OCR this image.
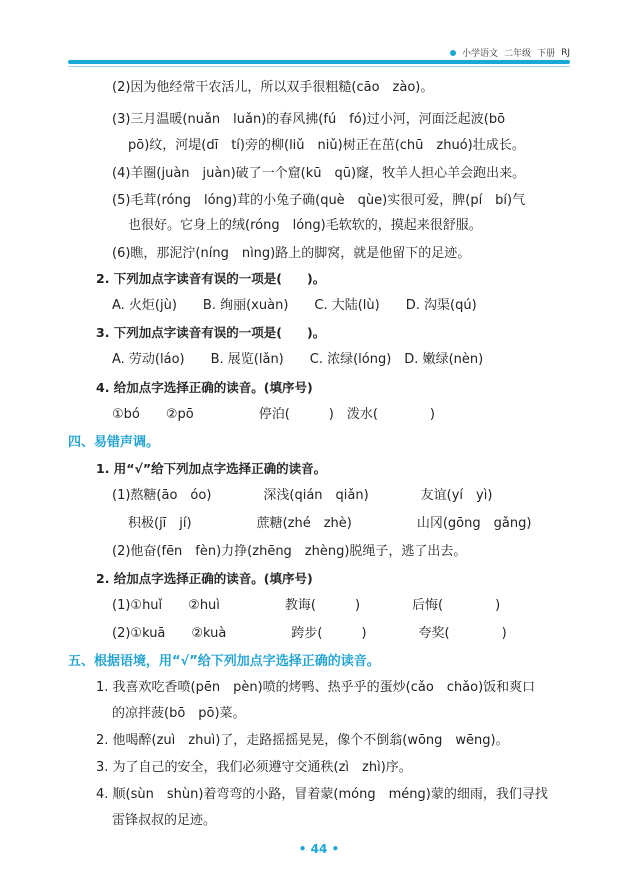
小学语文 二年级 下册 RJ
(2)因为他经常干农活儿，所以双手很粗糙(cāo　zào)。
(3)三月温暖(nuǎn　luǎn)的春风拂(fú　fó)过小河，河面泛起波(bō
pō)纹，河堤(dī　tí)旁的柳(liǔ　niǔ)树正在茁(chū　zhuó)壮成长。
(4)羊圈(juàn　juàn)破了一个窟(kū　qū)窿，牧羊人担心羊会跑出来。
(5)毛茸(róng　lóng)茸的小兔子确(què　qùe)实很可爱，脾(pí　bí)气
也很好。它身上的绒(róng　lóng)毛软软的，摸起来很舒服。
(6)瞧，那泥泞(níng　nìng)路上的脚窝，就是他留下的足迹。
2. 下列加点字读音有误的一项是(　　)。
A. 火炬(jù)　　B. 绚丽(xuàn)　　C. 大陆(lù)　　D. 沟渠(qú)
3. 下列加点字读音有误的一项是(　　)。
A. 劳动(láo)　　B. 展览(lǎn)　　C. 浓绿(lóng)　D. 嫩绿(nèn)
4. 给加点字选择正确的读音。(填序号)
①bó　　②pō　　　　　停泊(　　　)　泼水(　　　　)
四、易错声调。
1. 用“√”给下列加点字选择正确的读音。
(1)熬糖(āo　óo)　　　　深浅(qián　qiǎn)　　　　友谊(yí　yì)
积极(jī　jí)　　　　　蔗糖(zhé　zhè)　　　　　山冈(gōng　gǎng)
(2)他奋(fēn　fèn)力挣(zhēng　zhèng)脱绳子，逃了出去。
2. 给加点字选择正确的读音。(填序号)
(1)①huǐ　　②huì　　　　　教诲(　　　)　　　　后悔(　　　　)
(2)①kuā　　②kuà　　　　　跨步(　　　)　　　　夸奖(　　　　)
五、根据语境，用“√”给下列加点字选择正确的读音。
1. 我喜欢吃香喷(pēn　pèn)喷的烤鸭、热乎乎的蛋炒(cǎo　chǎo)饭和爽口
的凉拌菠(bō　pō)菜。
2. 他喝醉(zuì　zhuì)了，走路摇摇晃晃，像个不倒翁(wōng　wēng)。
3. 为了自己的安全，我们必须遵守交通秩(zì　zhì)序。
4. 顺(sùn　shùn)着弯弯的小路，冒着蒙(móng　méng)蒙的细雨，我们寻找
雷锋叔叔的足迹。
• 44 •
